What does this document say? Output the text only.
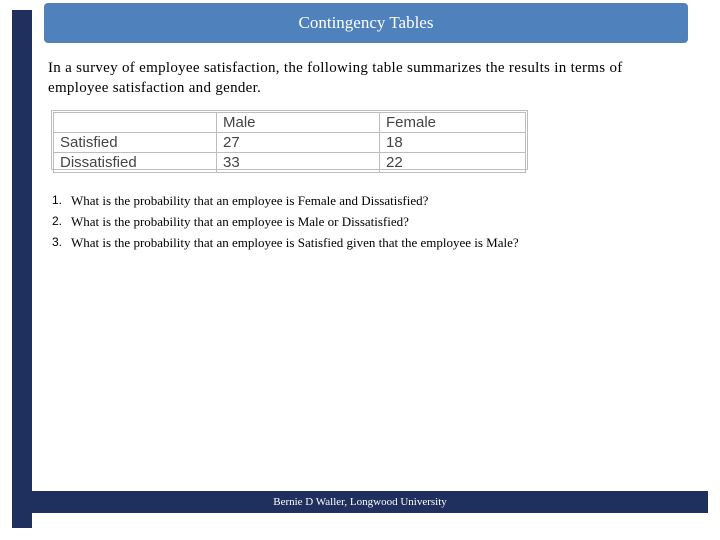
Contingency Tables
In a survey of employee satisfaction, the following table summarizes the results in terms of employee satisfaction and gender.
	Male	Female
Satisfied	27	18
Dissatisfied	33	22
1. What is the probability that an employee is Female and Dissatisfied?
2. What is the probability that an employee is Male or Dissatisfied?
3. What is the probability that an employee is Satisfied given that the employee is Male?
Bernie D Waller, Longwood University
